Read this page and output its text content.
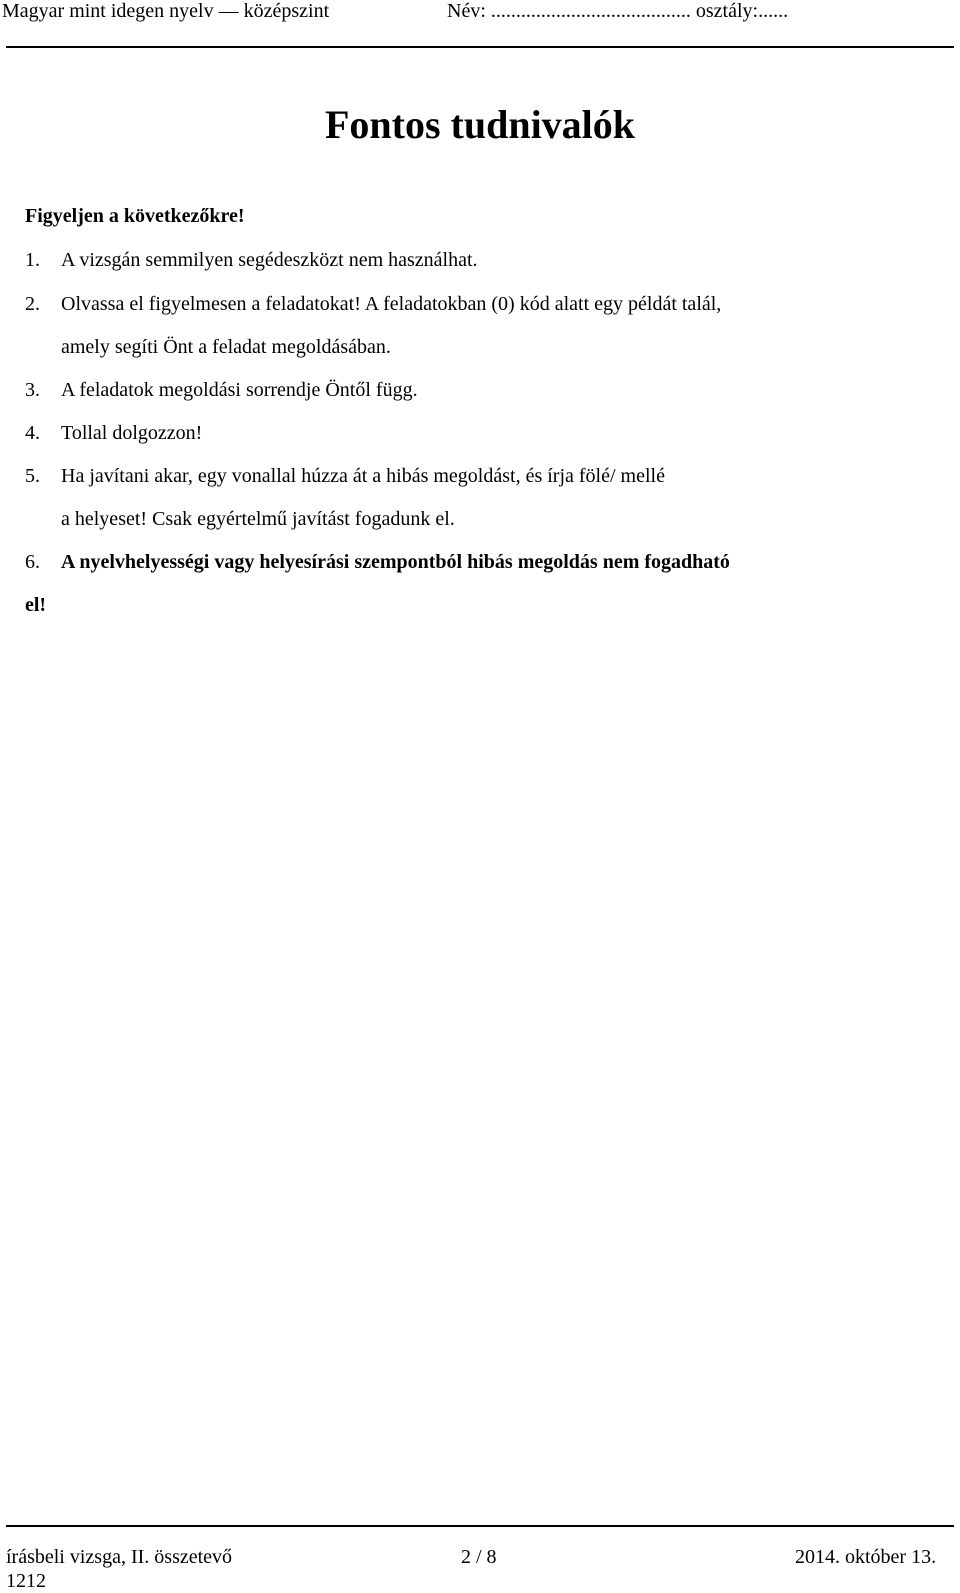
Magyar mint idegen nyelv — középszint	Név: ........................................ osztály:......
Fontos tudnivalók
Figyeljen a következőkre!
1. A vizsgán semmilyen segédeszközt nem használhat.
2. Olvassa el figyelmesen a feladatokat! A feladatokban (0) kód alatt egy példát talál,
amely segíti Önt a feladat megoldásában.
3. A feladatok megoldási sorrendje Öntől függ.
4. Tollal dolgozzon!
5. Ha javítani akar, egy vonallal húzza át a hibás megoldást, és írja fölé/ mellé
a helyeset! Csak egyértelmű javítást fogadunk el.
6. A nyelvhelyességi vagy helyesírási szempontból hibás megoldás nem fogadható
el!
írásbeli vizsga, II. összetevő	2 / 8	2014. október 13.
1212
